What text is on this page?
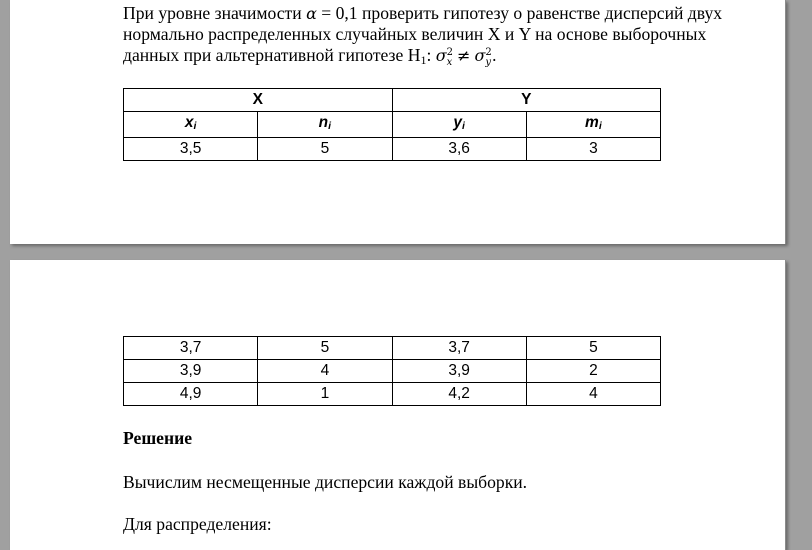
При уровне значимости α = 0,1 проверить гипотезу о равенстве дисперсий двух нормально распределенных случайных величин X и Y на основе выборочных данных при альтернативной гипотезе H1: σ 2
x ≠ σ 2
y .
X		Y	
xi	ni	yi	mi
3,5	5	3,6	3
3,7	5	3,7	5
3,9	4	3,9	2
4,9	1	4,2	4
Решение
Вычислим несмещенные дисперсии каждой выборки.
Для распределения:
